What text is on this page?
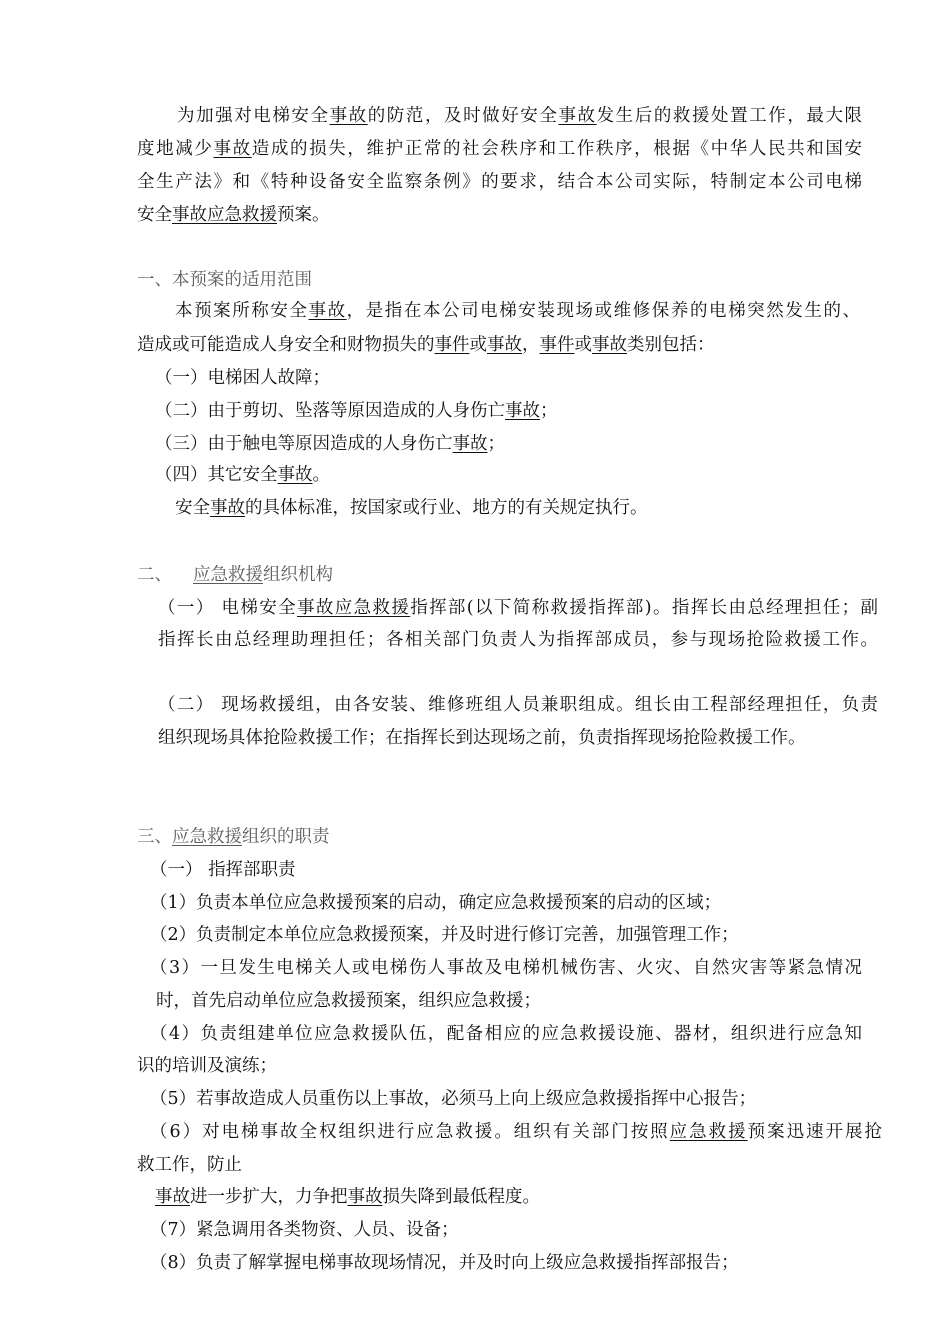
为加强对电梯安全事故的防范，及时做好安全事故发生后的救援处置工作，最大限
度地减少事故造成的损失，维护正常的社会秩序和工作秩序，根据《中华人民共和国安
全生产法》和《特种设备安全监察条例》的要求，结合本公司实际，特制定本公司电梯
安全事故应急救援预案。
一、本预案的适用范围
本预案所称安全事故，是指在本公司电梯安装现场或维修保养的电梯突然发生的、
造成或可能造成人身安全和财物损失的事件或事故，事件或事故类别包括：
（一）电梯困人故障；
（二）由于剪切、坠落等原因造成的人身伤亡事故；
（三）由于触电等原因造成的人身伤亡事故；
（四）其它安全事故。
安全事故的具体标准，按国家或行业、地方的有关规定执行。
二、 应急救援组织机构
（一） 电梯安全事故应急救援指挥部(以下简称救援指挥部)。指挥长由总经理担任；副
指挥长由总经理助理担任；各相关部门负责人为指挥部成员，参与现场抢险救援工作。
（二） 现场救援组，由各安装、维修班组人员兼职组成。组长由工程部经理担任，负责
组织现场具体抢险救援工作；在指挥长到达现场之前，负责指挥现场抢险救援工作。
三、应急救援组织的职责
（一） 指挥部职责
（1）负责本单位应急救援预案的启动，确定应急救援预案的启动的区域；
（2）负责制定本单位应急救援预案，并及时进行修订完善，加强管理工作；
（3）一旦发生电梯关人或电梯伤人事故及电梯机械伤害、火灾、自然灾害等紧急情况
时，首先启动单位应急救援预案，组织应急救援；
（4）负责组建单位应急救援队伍，配备相应的应急救援设施、器材，组织进行应急知
识的培训及演练；
（5）若事故造成人员重伤以上事故，必须马上向上级应急救援指挥中心报告；
（6）对电梯事故全权组织进行应急救援。组织有关部门按照应急救援预案迅速开展抢
救工作，防止
事故进一步扩大，力争把事故损失降到最低程度。
（7）紧急调用各类物资、人员、设备；
（8）负责了解掌握电梯事故现场情况，并及时向上级应急救援指挥部报告；
